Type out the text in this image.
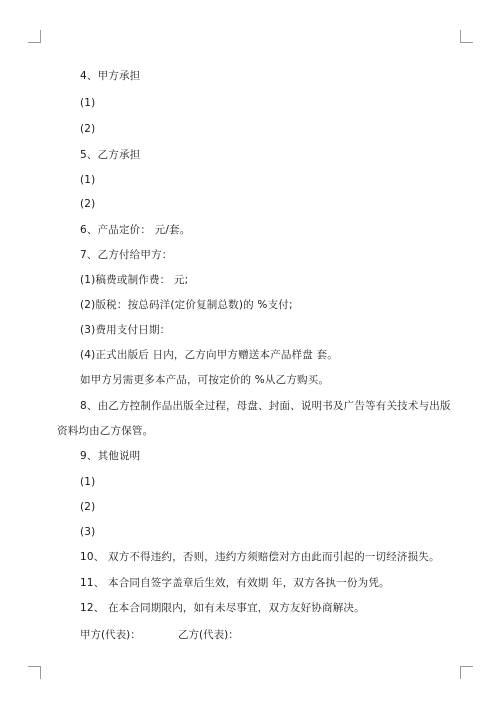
4、甲方承担
(1)
(2)
5、乙方承担
(1)
(2)
6、产品定价： 元/套。
7、乙方付给甲方：
(1)稿费或制作费： 元;
(2)版税：按总码洋(定价复制总数)的 %支付;
(3)费用支付日期：
(4)正式出版后 日内，乙方向甲方赠送本产品样盘 套。
如甲方另需更多本产品，可按定价的 %从乙方购买。
8、由乙方控制作品出版全过程，母盘、封面、说明书及广告等有关技术与出版
资料均由乙方保管。
9、其他说明
(1)
(2)
(3)
10、 双方不得违约，否则，违约方须赔偿对方由此而引起的一切经济损失。
11、 本合同自签字盖章后生效，有效期 年，双方各执一份为凭。
12、 在本合同期限内，如有未尽事宜，双方友好协商解决。
甲方(代表)：	乙方(代表)：
